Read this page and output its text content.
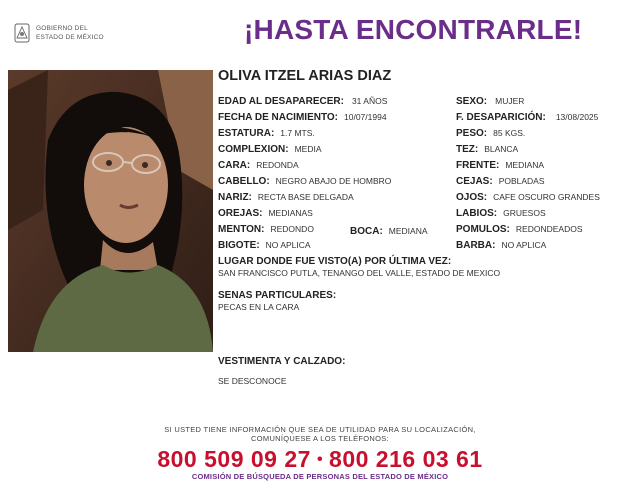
GOBIERNO DEL
ESTADO DE MÉXICO	¡HASTA ENCONTRARLE!
OLIVA ITZEL ARIAS DIAZ
EDAD AL DESAPARECER: 31 AÑOS
FECHA DE NACIMIENTO: 10/07/1994
ESTATURA: 1.7 MTS.
COMPLEXION: MEDIA
CARA: REDONDA
CABELLO: NEGRO ABAJO DE HOMBRO
NARIZ: RECTA BASE DELGADA
OREJAS: MEDIANAS
MENTON: REDONDO	BOCA: MEDIANA
BIGOTE: NO APLICA
SEXO: MUJER
F. DESAPARICIÓN: 13/08/2025
PESO: 85 KGS.
TEZ: BLANCA
FRENTE: MEDIANA
CEJAS: POBLADAS
OJOS: CAFE OSCURO GRANDES
LABIOS: GRUESOS
POMULOS: REDONDEADOS
BARBA: NO APLICA
LUGAR DONDE FUE VISTO(A) POR ÚLTIMA VEZ:
SAN FRANCISCO PUTLA, TENANGO DEL VALLE, ESTADO DE MEXICO
SENAS PARTICULARES:
PECAS EN LA CARA
VESTIMENTA Y CALZADO:
SE DESCONOCE
SI USTED TIENE INFORMACIÓN QUE SEA DE UTILIDAD PARA SU LOCALIZACIÓN,
COMUNÍQUESE A LOS TELÉFONOS:
800 509 09 27 • 800 216 03 61
COMISIÓN DE BÚSQUEDA DE PERSONAS DEL ESTADO DE MÉXICO
